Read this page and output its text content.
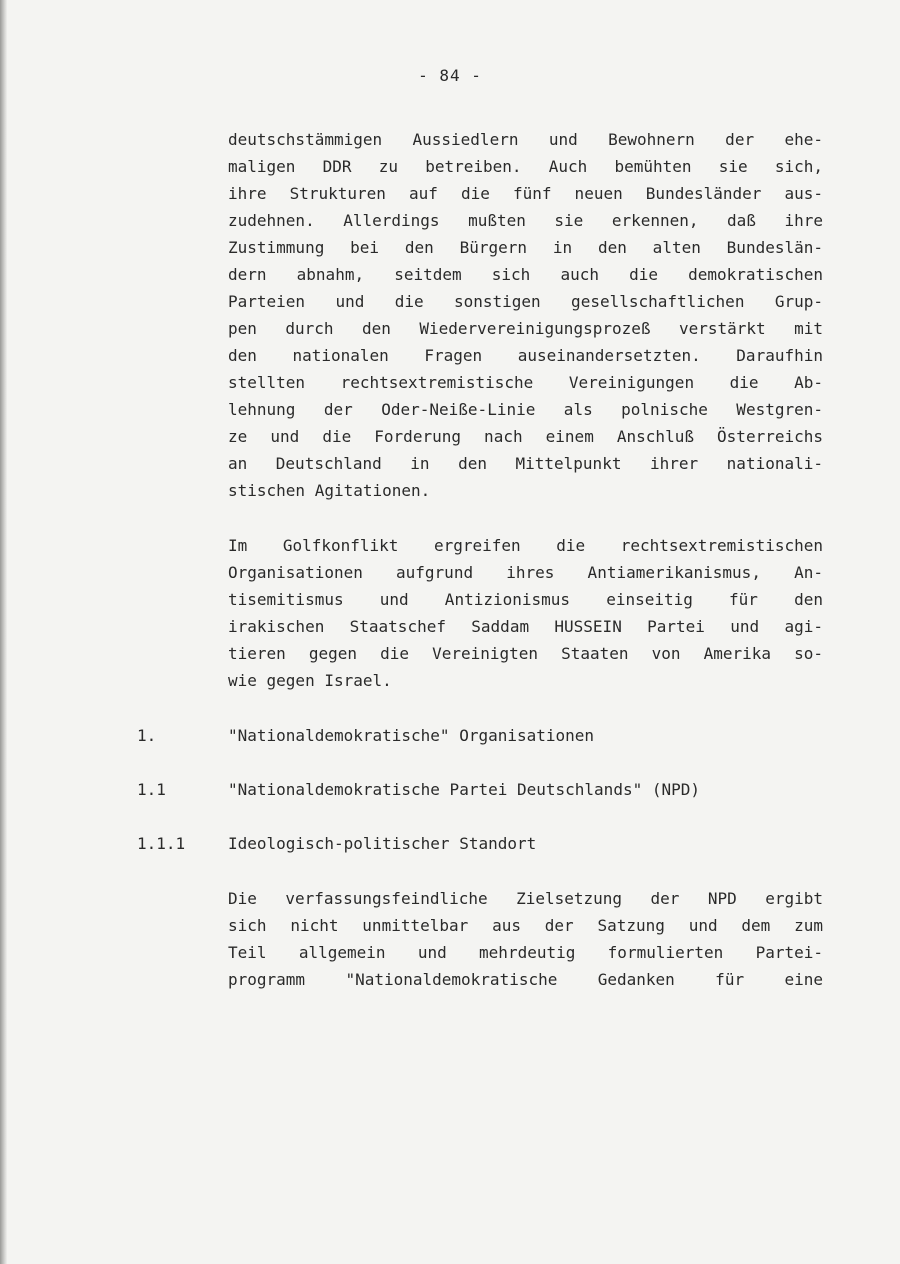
- 84 -
deutschstämmigen Aussiedlern und Bewohnern der ehe-
maligen DDR zu betreiben. Auch bemühten sie sich,
ihre Strukturen auf die fünf neuen Bundesländer aus-
zudehnen. Allerdings mußten sie erkennen, daß ihre
Zustimmung bei den Bürgern in den alten Bundeslän-
dern abnahm, seitdem sich auch die demokratischen
Parteien und die sonstigen gesellschaftlichen Grup-
pen durch den Wiedervereinigungsprozeß verstärkt mit
den nationalen Fragen auseinandersetzten. Daraufhin
stellten rechtsextremistische Vereinigungen die Ab-
lehnung der Oder-Neiße-Linie als polnische Westgren-
ze und die Forderung nach einem Anschluß Österreichs
an Deutschland in den Mittelpunkt ihrer nationali-
stischen Agitationen.
Im Golfkonflikt ergreifen die rechtsextremistischen
Organisationen aufgrund ihres Antiamerikanismus, An-
tisemitismus und Antizionismus einseitig für den
irakischen Staatschef Saddam HUSSEIN Partei und agi-
tieren gegen die Vereinigten Staaten von Amerika so-
wie gegen Israel.
1.	"Nationaldemokratische" Organisationen
1.1	"Nationaldemokratische Partei Deutschlands" (NPD)
1.1.1	Ideologisch-politischer Standort
Die verfassungsfeindliche Zielsetzung der NPD ergibt
sich nicht unmittelbar aus der Satzung und dem zum
Teil allgemein und mehrdeutig formulierten Partei-
programm "Nationaldemokratische Gedanken für eine
